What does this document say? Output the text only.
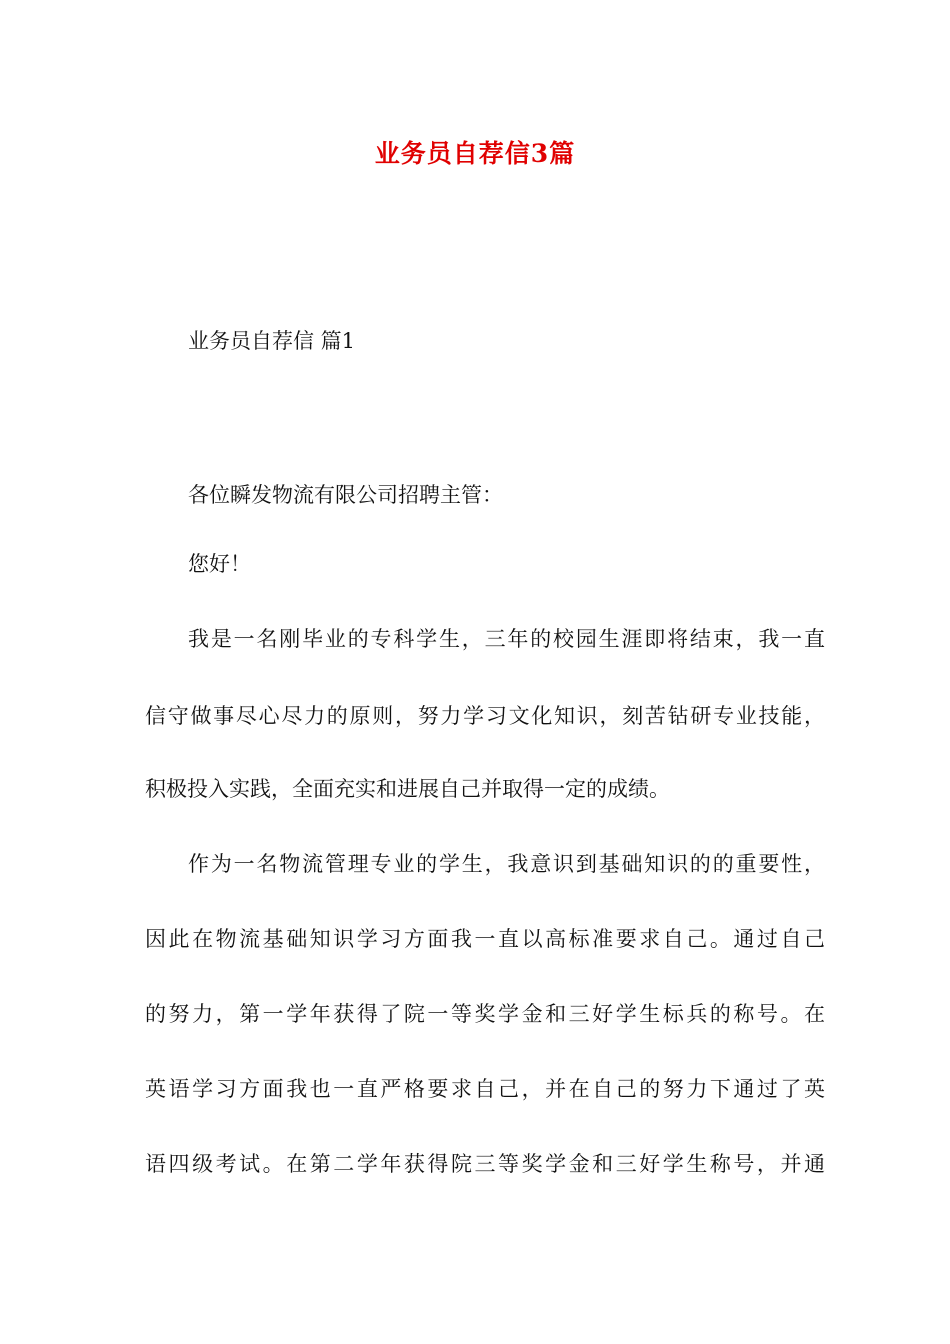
业务员自荐信3篇
业务员自荐信 篇1
各位瞬发物流有限公司招聘主管：
您好！
我是一名刚毕业的专科学生，三年的校园生涯即将结束，我一直
信守做事尽心尽力的原则，努力学习文化知识，刻苦钻研专业技能，
积极投入实践，全面充实和进展自己并取得一定的成绩。
作为一名物流管理专业的学生，我意识到基础知识的的重要性，
因此在物流基础知识学习方面我一直以高标准要求自己。通过自己
的努力，第一学年获得了院一等奖学金和三好学生标兵的称号。在
英语学习方面我也一直严格要求自己，并在自己的努力下通过了英
语四级考试。在第二学年获得院三等奖学金和三好学生称号，并通
